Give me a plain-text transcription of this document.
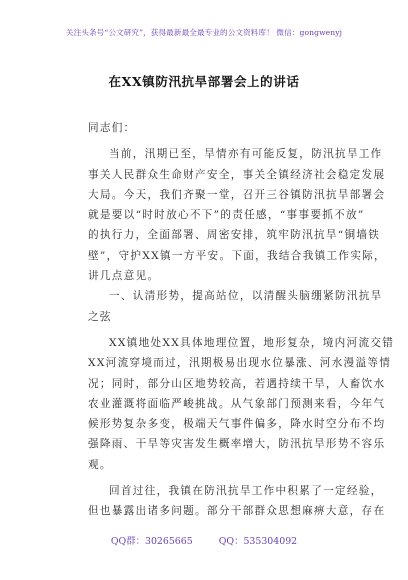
关注头条号“公文研究”，获得最新最全最专业的公文资料库！ 微信：gongwenyj
在XX镇防汛抗旱部署会上的讲话
同志们：
当前，汛期已至，旱情亦有可能反复，防汛抗旱工作
事关人民群众生命财产安全，事关全镇经济社会稳定发展
大局。今天，我们齐聚一堂，召开三谷镇防汛抗旱部署会
就是要以“时时放心不下”的责任感，“事事要抓不放”
的执行力，全面部署、周密安排，筑牢防汛抗旱“铜墙铁
壁”，守护XX镇一方平安。下面，我结合我镇工作实际，
讲几点意见。
一、认清形势，提高站位，以清醒头脑绷紧防汛抗旱
之弦
XX镇地处XX具体地理位置，地形复杂，境内河流交错
XX河流穿境而过，汛期极易出现水位暴涨、河水漫溢等情
况；同时，部分山区地势较高，若遇持续干旱，人畜饮水
农业灌溉将面临严峻挑战。从气象部门预测来看，今年气
候形势复杂多变，极端天气事件偏多，降水时空分布不均
强降雨、干旱等灾害发生概率增大，防汛抗旱形势不容乐
观。
回首过往，我镇在防汛抗旱工作中积累了一定经验，
但也暴露出诸多问题。部分干部群众思想麻痹大意，存在
QQ群：30265665	QQ：535304092
